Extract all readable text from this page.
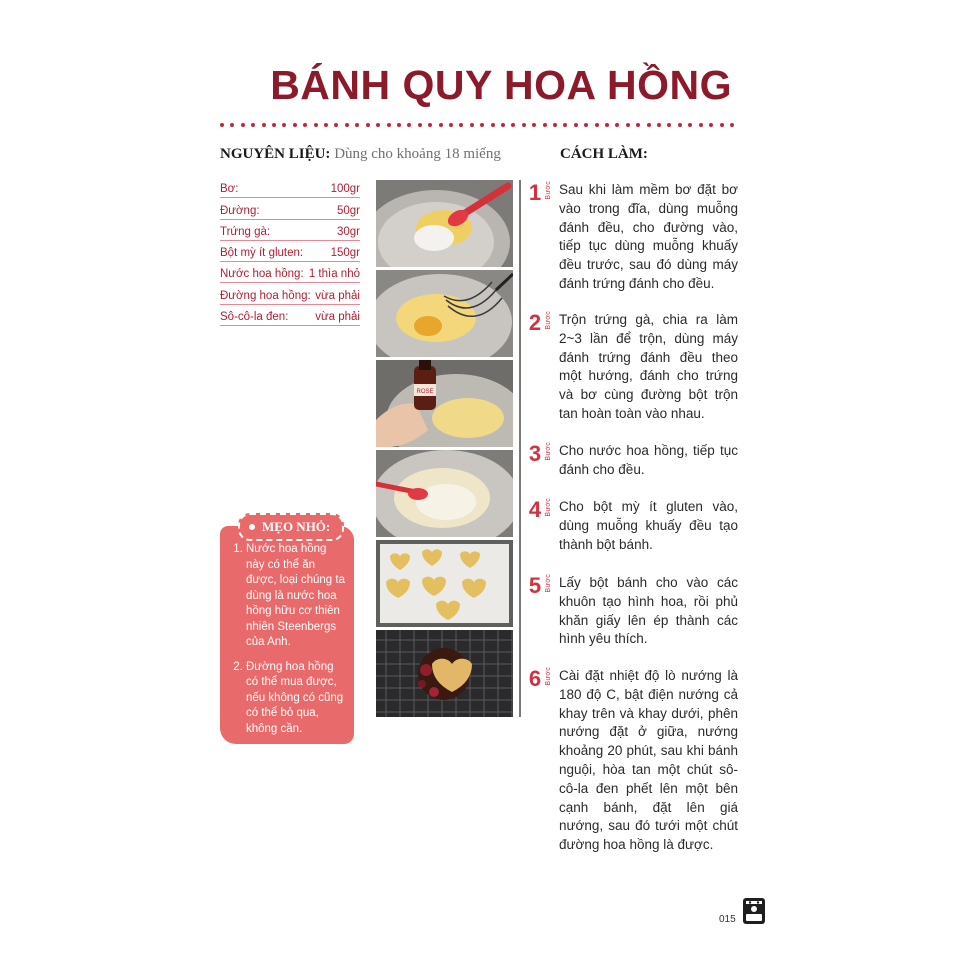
BÁNH QUY HOA HỒNG
NGUYÊN LIỆU: Dùng cho khoảng 18 miếng
Bơ:	100gr
Đường:	50gr
Trứng gà:	30gr
Bột mỳ ít gluten: 150gr
Nước hoa hồng: 1 thìa nhỏ
Đường hoa hồng: vừa phải
Sô-cô-la đen: vừa phải
ROSE
MẸO NHỎ:
1. Nước hoa hồng này có thể ăn được, loại chúng ta dùng là nước hoa hồng hữu cơ thiên nhiên Steenbergs của Anh.
2. Đường hoa hồng có thể mua được, nếu không có cũng có thể bỏ qua, không cần.
CÁCH LÀM:
1 Bước Sau khi làm mềm bơ đặt bơ vào trong đĩa, dùng muỗng đánh đều, cho đường vào, tiếp tục dùng muỗng khuấy đều trước, sau đó dùng máy đánh trứng đánh cho đều.
2 Bước Trộn trứng gà, chia ra làm 2~3 lần để trộn, dùng máy đánh trứng đánh đều theo một hướng, đánh cho trứng và bơ cùng đường bột trộn tan hoàn toàn vào nhau.
3 Bước Cho nước hoa hồng, tiếp tục đánh cho đều.
4 Bước Cho bột mỳ ít gluten vào, dùng muỗng khuấy đều tạo thành bột bánh.
5 Bước Lấy bột bánh cho vào các khuôn tạo hình hoa, rồi phủ khăn giấy lên ép thành các hình yêu thích.
6 Bước Cài đặt nhiệt độ lò nướng là 180 độ C, bật điện nướng cả khay trên và khay dưới, phên nướng đặt ở giữa, nướng khoảng 20 phút, sau khi bánh nguội, hòa tan một chút sô-cô-la đen phết lên một bên cạnh bánh, đặt lên giá nướng, sau đó tưới một chút đường hoa hồng là được.
015
